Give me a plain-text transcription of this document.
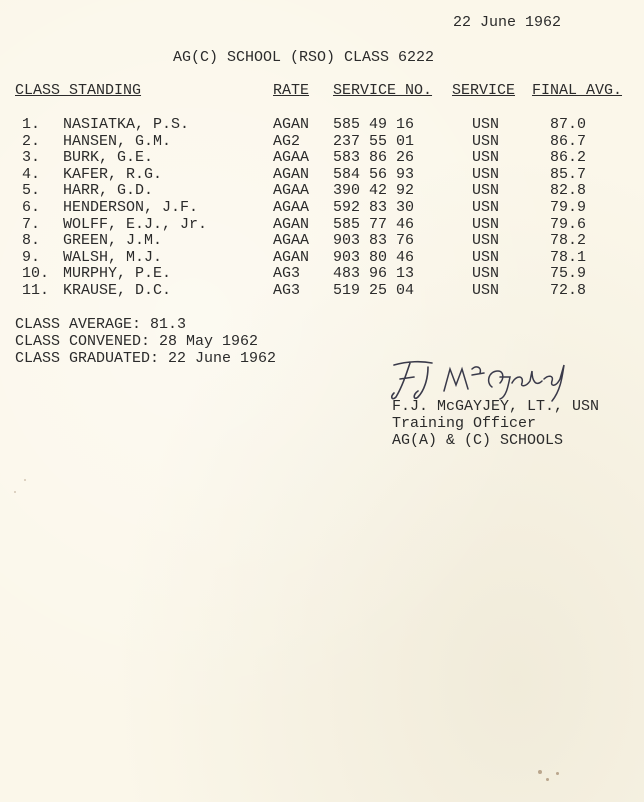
22 June 1962
AG(C) SCHOOL (RSO) CLASS 6222
CLASS STANDING	RATE SERVICE NO. SERVICE FINAL AVG.
1.	NASIATKA, P.S.	AGAN 585 49 16	USN	87.0
2.	HANSEN, G.M.	AG2 237 55 01	USN	86.7
3.	BURK, G.E.	AGAA 583 86 26	USN	86.2
4.	KAFER, R.G.	AGAN 584 56 93	USN	85.7
5.	HARR, G.D.	AGAA 390 42 92	USN	82.8
6.	HENDERSON, J.F.	AGAA 592 83 30	USN	79.9
7.	WOLFF, E.J., Jr.	AGAN 585 77 46	USN	79.6
8.	GREEN, J.M.	AGAA 903 83 76	USN	78.2
9.	WALSH, M.J.	AGAN 903 80 46	USN	78.1
10. MURPHY, P.E.	AG3 483 96 13	USN	75.9
11. KRAUSE, D.C.	AG3 519 25 04	USN	72.8
CLASS AVERAGE: 81.3
CLASS CONVENED: 28 May 1962
CLASS GRADUATED: 22 June 1962	F.J. McGayjey
F.J. McGAYJEY, LT., USN
Training Officer
AG(A) & (C) SCHOOLS
